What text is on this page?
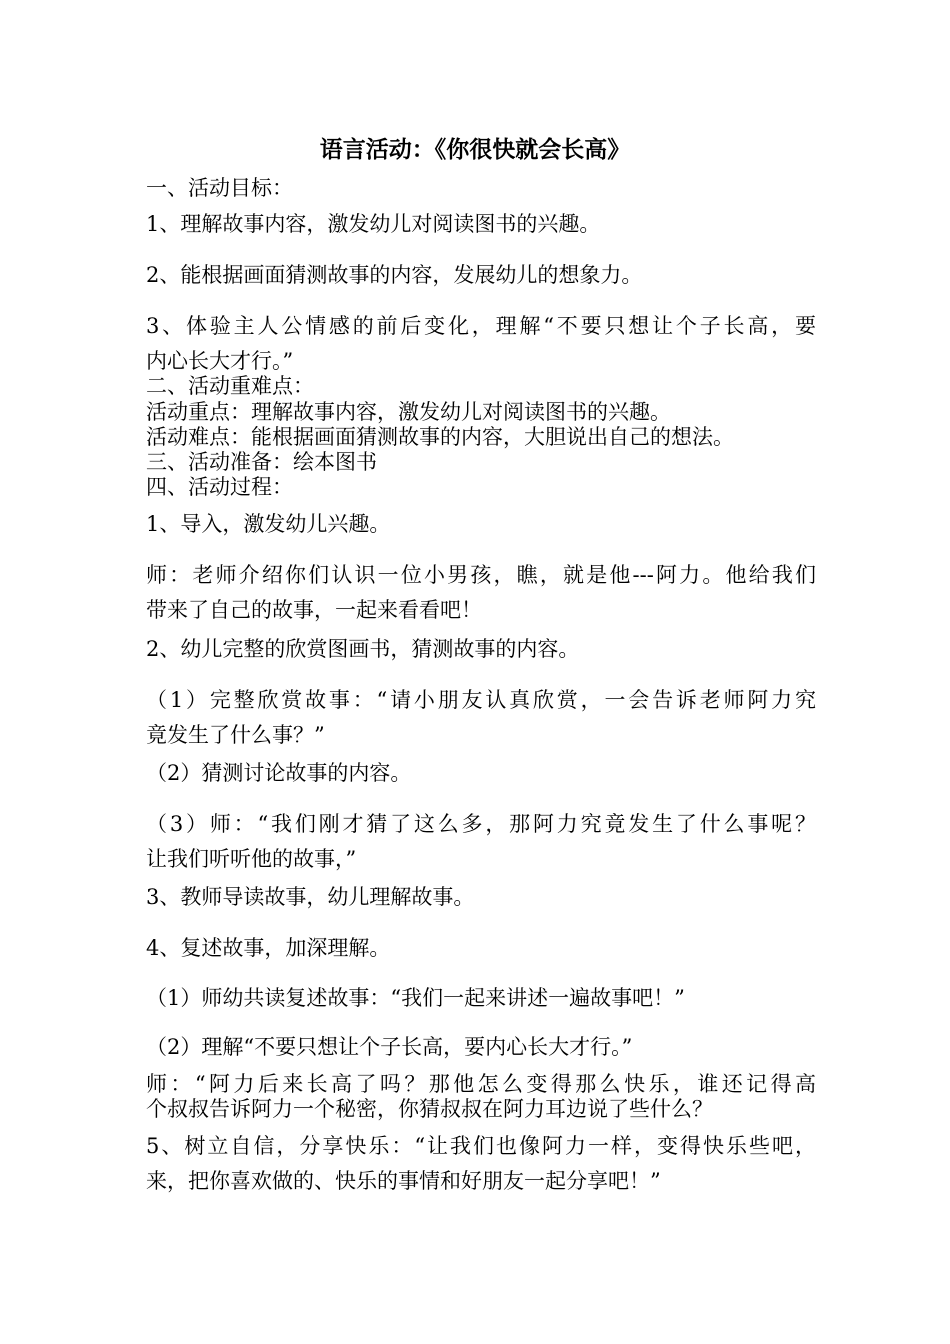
语言活动：《你很快就会长高》
一、活动目标：
1、理解故事内容，激发幼儿对阅读图书的兴趣。
2、能根据画面猜测故事的内容，发展幼儿的想象力。
3、体验主人公情感的前后变化，理解“不要只想让个子长高，要
内心长大才行。”
二、活动重难点：
活动重点：理解故事内容，激发幼儿对阅读图书的兴趣。
活动难点：能根据画面猜测故事的内容，大胆说出自己的想法。
三、活动准备：绘本图书
四、活动过程：
1、导入，激发幼儿兴趣。
师：老师介绍你们认识一位小男孩，瞧，就是他---阿力。他给我们
带来了自己的故事，一起来看看吧！
2、幼儿完整的欣赏图画书，猜测故事的内容。
（1）完整欣赏故事：“请小朋友认真欣赏，一会告诉老师阿力究
竟发生了什么事？”
（2）猜测讨论故事的内容。
（3）师：“我们刚才猜了这么多，那阿力究竟发生了什么事呢？
让我们听听他的故事，”
3、教师导读故事，幼儿理解故事。
4、复述故事，加深理解。
（1）师幼共读复述故事：“我们一起来讲述一遍故事吧！”
（2）理解“不要只想让个子长高，要内心长大才行。”
师：“阿力后来长高了吗？那他怎么变得那么快乐，谁还记得高
个叔叔告诉阿力一个秘密，你猜叔叔在阿力耳边说了些什么？
5、树立自信，分享快乐：“让我们也像阿力一样，变得快乐些吧，
来，把你喜欢做的、快乐的事情和好朋友一起分享吧！”
